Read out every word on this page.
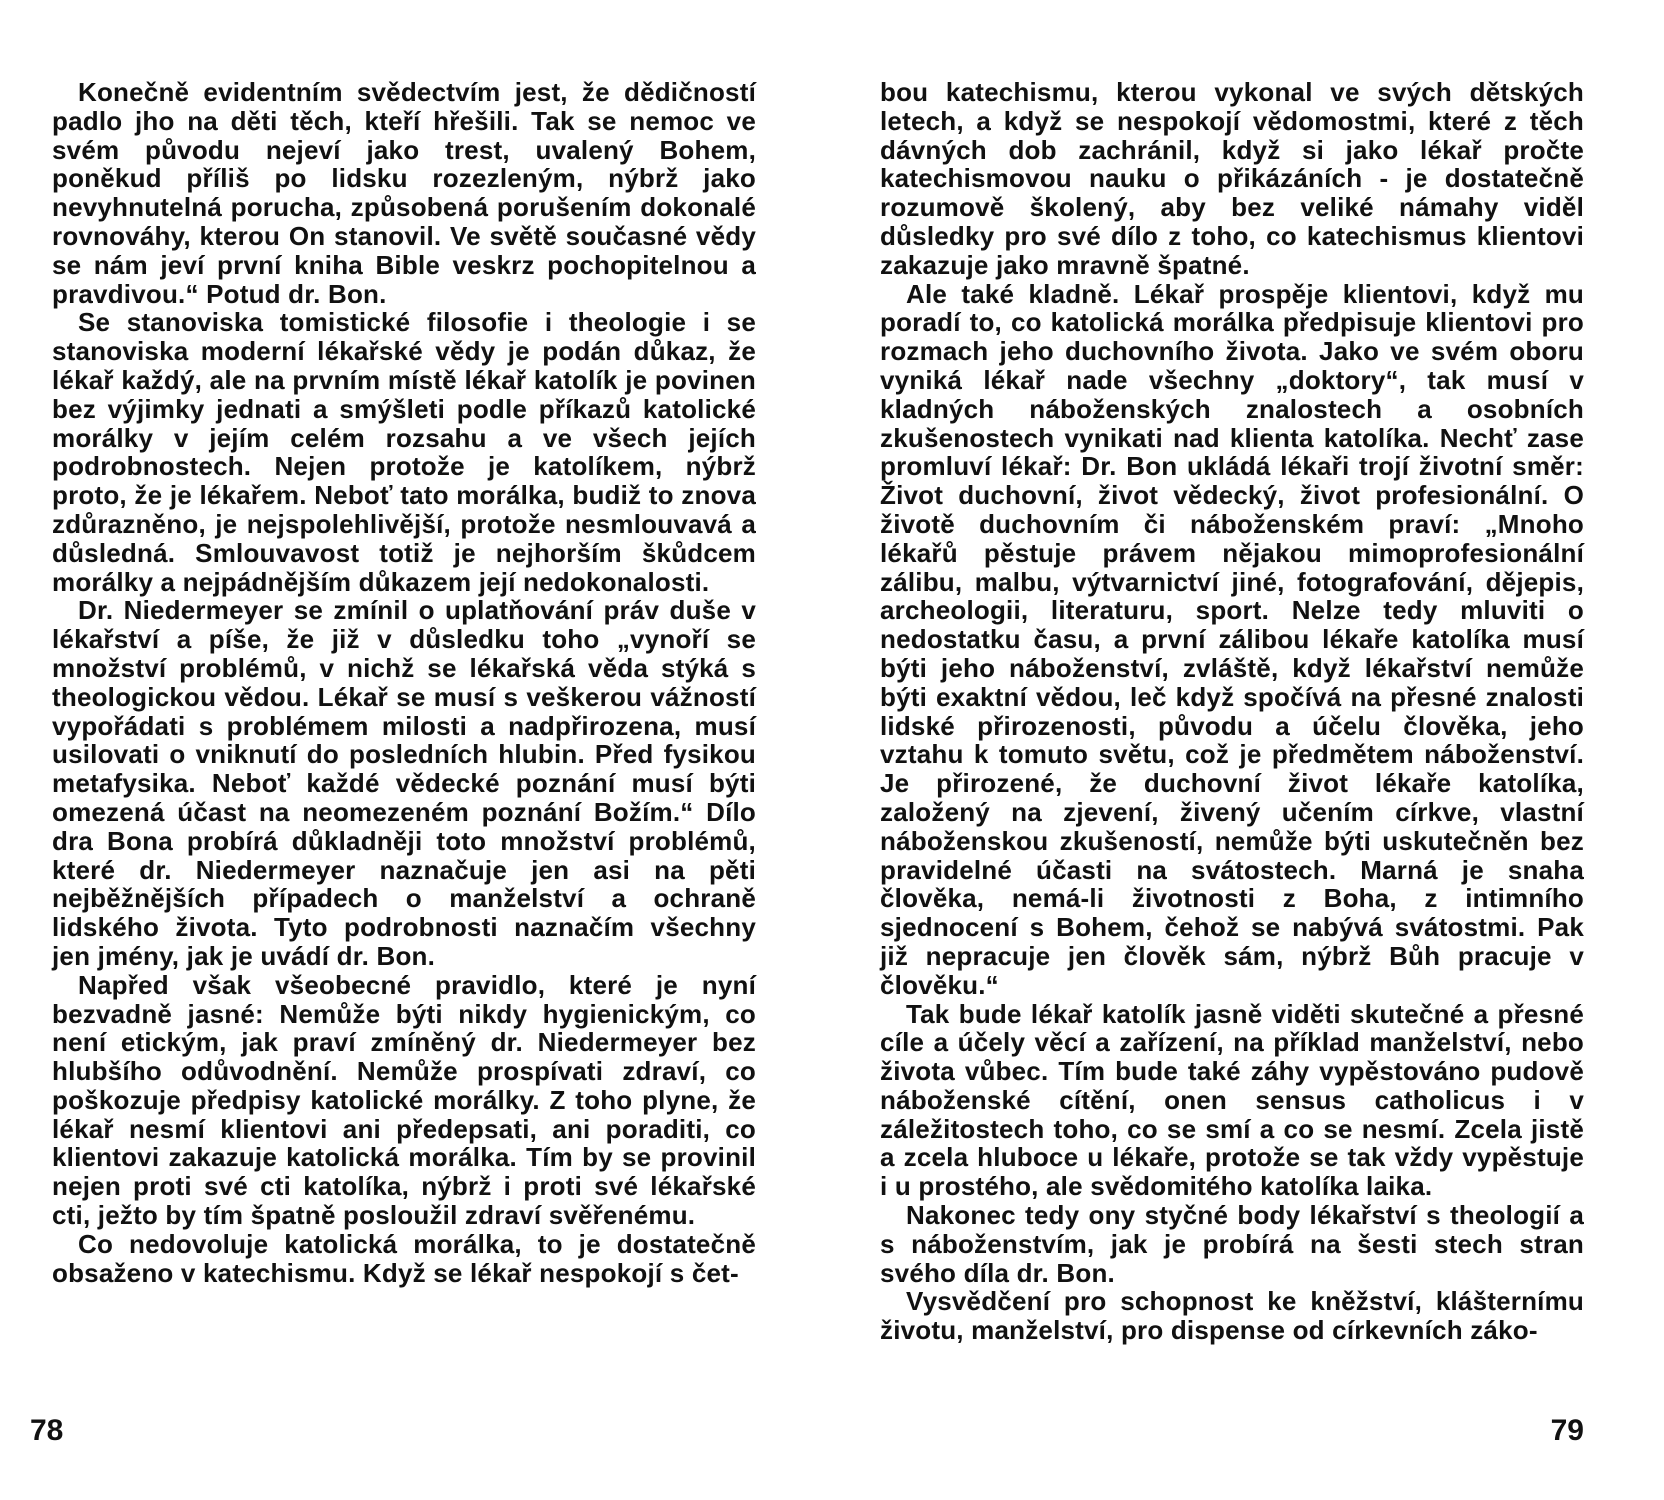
Konečně evidentním svědectvím jest, že dědičností padlo jho na děti těch, kteří hřešili. Tak se nemoc ve svém původu nejeví jako trest, uvalený Bohem, poněkud příliš po lidsku rozezleným, nýbrž jako nevyhnutelná porucha, způsobená porušením dokonalé rovnováhy, kterou On stanovil. Ve světě současné vědy se nám jeví první kniha Bible veskrz pochopitelnou a pravdivou.“ Potud dr. Bon.

Se stanoviska tomistické filosofie i theologie i se stanoviska moderní lékařské vědy je podán důkaz, že lékař každý, ale na prvním místě lékař katolík je povinen bez výjimky jednati a smýšleti podle příkazů katolické morálky v jejím celém rozsahu a ve všech jejích podrobnostech. Nejen protože je katolíkem, nýbrž proto, že je lékařem. Neboť tato morálka, budiž to znova zdůrazněno, je nejspolehlivější, protože nesmlouvavá a důsledná. Smlouvavost totiž je nejhorším škůdcem morálky a nejpádnějším důkazem její nedokonalosti.

Dr. Niedermeyer se zmínil o uplatňování práv duše v lékařství a píše, že již v důsledku toho „vynoří se množství problémů, v nichž se lékařská věda stýká s theologickou vědou. Lékař se musí s veškerou vážností vypořádati s problémem milosti a nadpřirozena, musí usilovati o vniknutí do posledních hlubin. Před fysikou metafysika. Neboť každé vědecké poznání musí býti omezená účast na neomezeném poznání Božím.“ Dílo dra Bona probírá důkladněji toto množství problémů, které dr. Niedermeyer naznačuje jen asi na pěti nejběžnějších případech o manželství a ochraně lidského života. Tyto podrobnosti naznačím všechny jen jmény, jak je uvádí dr. Bon.

Napřed však všeobecné pravidlo, které je nyní bezvadně jasné: Nemůže býti nikdy hygienickým, co není etickým, jak praví zmíněný dr. Niedermeyer bez hlubšího odůvodnění. Nemůže prospívati zdraví, co poškozuje předpisy katolické morálky. Z toho plyne, že lékař nesmí klientovi ani předepsati, ani poraditi, co klientovi zakazuje katolická morálka. Tím by se provinil nejen proti své cti katolíka, nýbrž i proti své lékařské cti, ježto by tím špatně posloužil zdraví svěřenému.

Co nedovoluje katolická morálka, to je dostatečně obsaženo v katechismu. Když se lékař nespokojí s čet-

78

bou katechismu, kterou vykonal ve svých dětských letech, a když se nespokojí vědomostmi, které z těch dávných dob zachránil, když si jako lékař pročte katechismovou nauku o přikázáních - je dostatečně rozumově školený, aby bez veliké námahy viděl důsledky pro své dílo z toho, co katechismus klientovi zakazuje jako mravně špatné.

Ale také kladně. Lékař prospěje klientovi, když mu poradí to, co katolická morálka předpisuje klientovi pro rozmach jeho duchovního života. Jako ve svém oboru vyniká lékař nade všechny „doktory“, tak musí v kladných náboženských znalostech a osobních zkušenostech vynikati nad klienta katolíka. Nechť zase promluví lékař: Dr. Bon ukládá lékaři trojí životní směr: Život duchovní, život vědecký, život profesionální. O životě duchovním či náboženském praví: „Mnoho lékařů pěstuje právem nějakou mimoprofesionální zálibu, malbu, výtvarnictví jiné, fotografování, dějepis, archeologii, literaturu, sport. Nelze tedy mluviti o nedostatku času, a první zálibou lékaře katolíka musí býti jeho náboženství, zvláště, když lékařství nemůže býti exaktní vědou, leč když spočívá na přesné znalosti lidské přirozenosti, původu a účelu člověka, jeho vztahu k tomuto světu, což je předmětem náboženství. Je přirozené, že duchovní život lékaře katolíka, založený na zjevení, živený učením církve, vlastní náboženskou zkušeností, nemůže býti uskutečněn bez pravidelné účasti na svátostech. Marná je snaha člověka, nemá-li životnosti z Boha, z intimního sjednocení s Bohem, čehož se nabývá svátostmi. Pak již nepracuje jen člověk sám, nýbrž Bůh pracuje v člověku.“

Tak bude lékař katolík jasně viděti skutečné a přesné cíle a účely věcí a zařízení, na příklad manželství, nebo života vůbec. Tím bude také záhy vypěstováno pudově náboženské cítění, onen sensus catholicus i v záležitostech toho, co se smí a co se nesmí. Zcela jistě a zcela hluboce u lékaře, protože se tak vždy vypěstuje i u prostého, ale svědomitého katolíka laika.

Nakonec tedy ony styčné body lékařství s theologií a s náboženstvím, jak je probírá na šesti stech stran svého díla dr. Bon.

Vysvědčení pro schopnost ke kněžství, klášternímu životu, manželství, pro dispense od církevních záko-

79
